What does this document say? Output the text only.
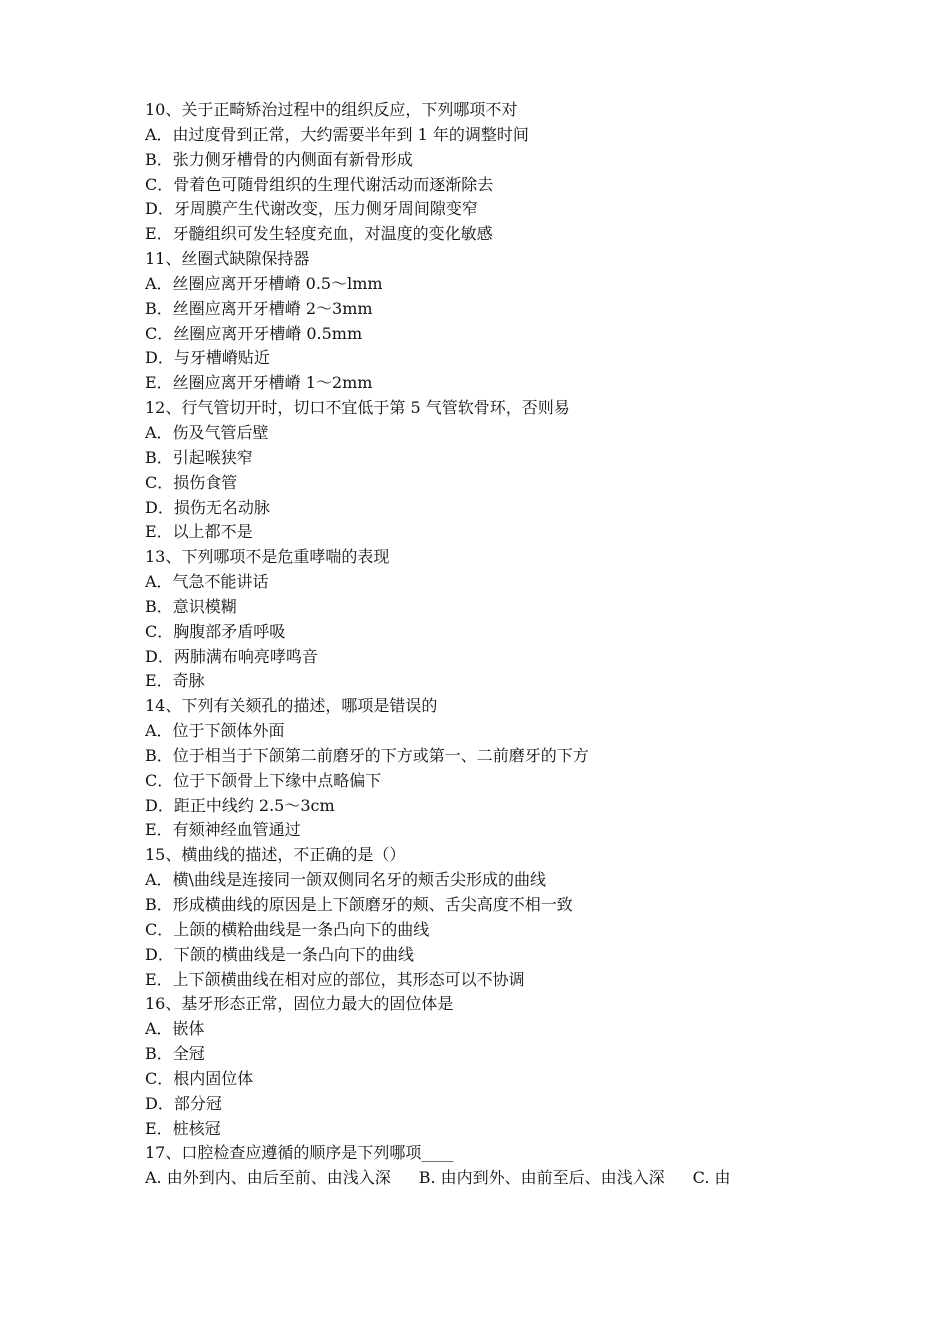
10、关于正畸矫治过程中的组织反应，下列哪项不对
A．由过度骨到正常，大约需要半年到 1 年的调整时间
B．张力侧牙槽骨的内侧面有新骨形成
C．骨着色可随骨组织的生理代谢活动而逐渐除去
D．牙周膜产生代谢改变，压力侧牙周间隙变窄
E．牙髓组织可发生轻度充血，对温度的变化敏感
11、丝圈式缺隙保持器
A．丝圈应离开牙槽嵴 0.5～lmm
B．丝圈应离开牙槽嵴 2～3mm
C．丝圈应离开牙槽嵴 0.5mm
D．与牙槽嵴贴近
E．丝圈应离开牙槽嵴 1～2mm
12、行气管切开时，切口不宜低于第 5 气管软骨环，否则易
A．伤及气管后壁
B．引起喉狭窄
C．损伤食管
D．损伤无名动脉
E．以上都不是
13、下列哪项不是危重哮喘的表现
A．气急不能讲话
B．意识模糊
C．胸腹部矛盾呼吸
D．两肺满布响亮哮鸣音
E．奇脉
14、下列有关颏孔的描述，哪项是错误的
A．位于下颌体外面
B．位于相当于下颌第二前磨牙的下方或第一、二前磨牙的下方
C．位于下颌骨上下缘中点略偏下
D．距正中线约 2.5～3cm
E．有颏神经血管通过
15、横曲线的描述，不正确的是（）
A．横\曲线是连接同一颌双侧同名牙的颊舌尖形成的曲线
B．形成横曲线的原因是上下颌磨牙的颊、舌尖高度不相一致
C．上颌的横粭曲线是一条凸向下的曲线
D．下颌的横曲线是一条凸向下的曲线
E．上下颌横曲线在相对应的部位，其形态可以不协调
16、基牙形态正常，固位力最大的固位体是
A．嵌体
B．全冠
C．根内固位体
D．部分冠
E．桩核冠
17、口腔检查应遵循的顺序是下列哪项____
A. 由外到内、由后至前、由浅入深 B. 由内到外、由前至后、由浅入深 C. 由
